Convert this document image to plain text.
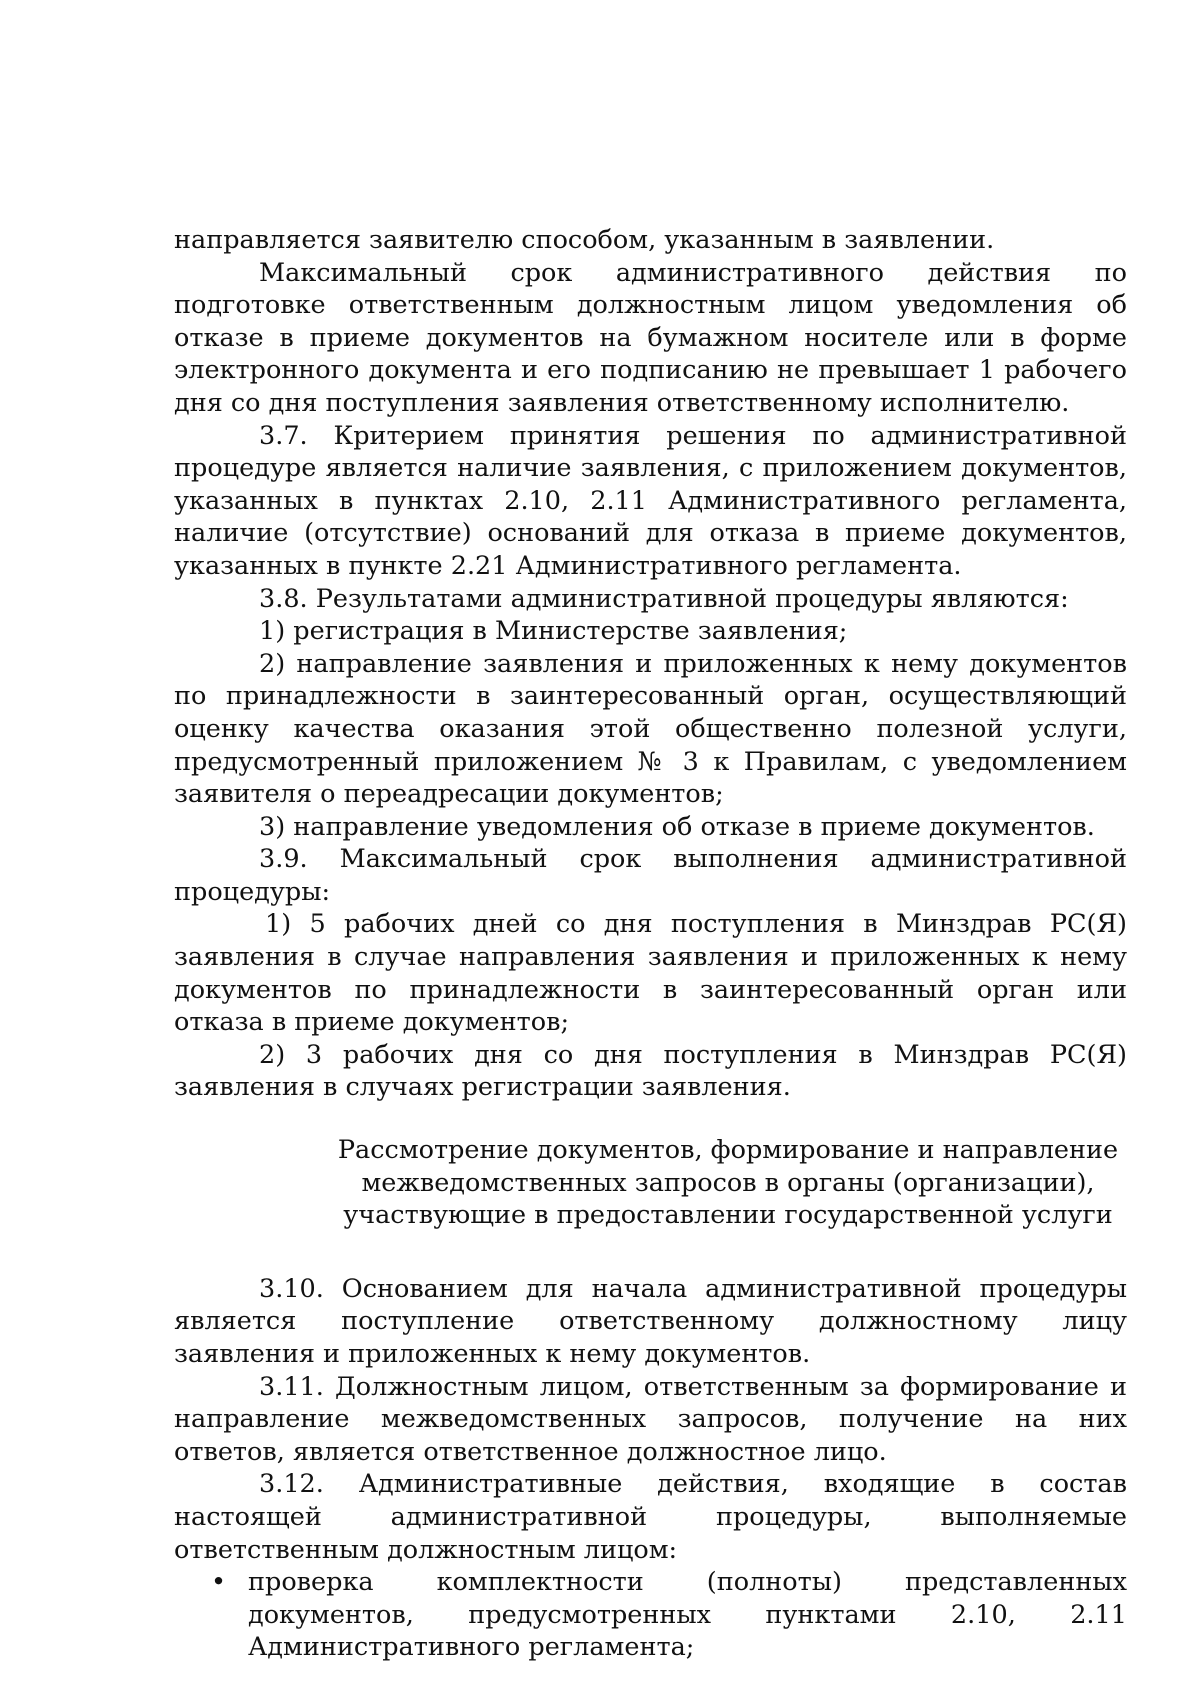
направляется заявителю способом, указанным в заявлении.

Максимальный срок административного действия по подготовке ответственным должностным лицом уведомления об отказе в приеме документов на бумажном носителе или в форме электронного документа и его подписанию не превышает 1 рабочего дня со дня поступления заявления ответственному исполнителю.

3.7. Критерием принятия решения по административной процедуре является наличие заявления, с приложением документов, указанных в пунктах 2.10, 2.11 Административного регламента, наличие (отсутствие) оснований для отказа в приеме документов, указанных в пункте 2.21 Административного регламента.

3.8. Результатами административной процедуры являются:

1) регистрация в Министерстве заявления;

2) направление заявления и приложенных к нему документов по принадлежности в заинтересованный орган, осуществляющий оценку качества оказания этой общественно полезной услуги, предусмотренный приложением № 3 к Правилам, с уведомлением заявителя о переадресации документов;

3) направление уведомления об отказе в приеме документов.

3.9. Максимальный срок выполнения административной процедуры:

1) 5 рабочих дней со дня поступления в Минздрав РС(Я) заявления в случае направления заявления и приложенных к нему документов по принадлежности в заинтересованный орган или отказа в приеме документов;

2) 3 рабочих дня со дня поступления в Минздрав РС(Я) заявления в случаях регистрации заявления.

Рассмотрение документов, формирование и направление
межведомственных запросов в органы (организации),
участвующие в предоставлении государственной услуги

3.10. Основанием для начала административной процедуры является поступление ответственному должностному лицу заявления и приложенных к нему документов.

3.11. Должностным лицом, ответственным за формирование и направление межведомственных запросов, получение на них ответов, является ответственное должностное лицо.

3.12. Административные действия, входящие в состав настоящей административной процедуры, выполняемые ответственным должностным лицом:

• проверка комплектности (полноты) представленных документов, предусмотренных пунктами 2.10, 2.11 Административного регламента;
